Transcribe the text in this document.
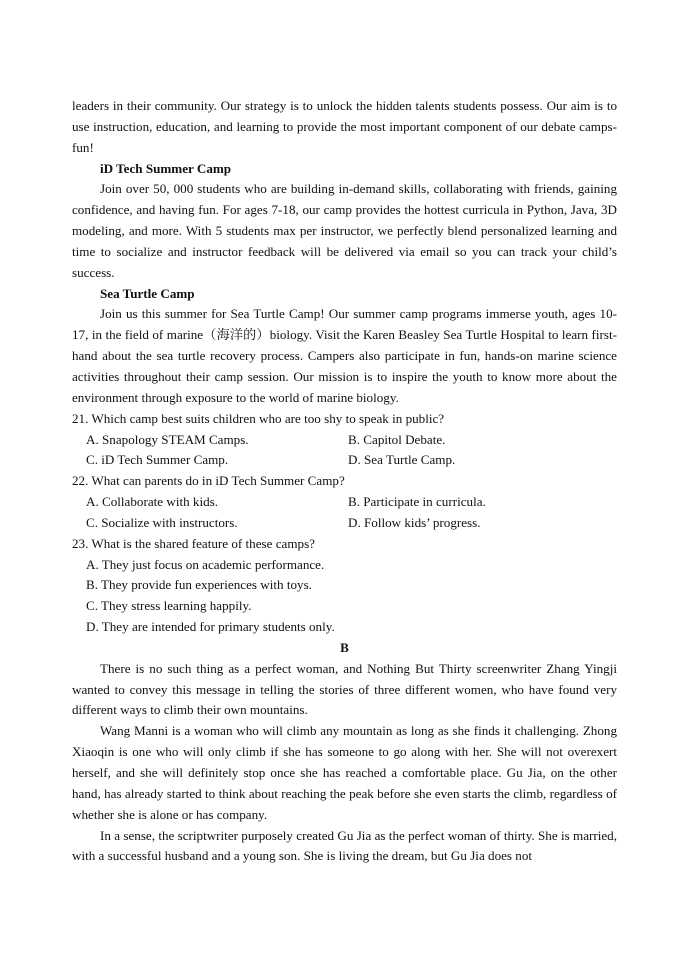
leaders in their community. Our strategy is to unlock the hidden talents students possess. Our aim is to use instruction, education, and learning to provide the most important component of our debate camps-fun!

iD Tech Summer Camp

Join over 50, 000 students who are building in-demand skills, collaborating with friends, gaining confidence, and having fun. For ages 7-18, our camp provides the hottest curricula in Python, Java, 3D modeling, and more. With 5 students max per instructor, we perfectly blend personalized learning and time to socialize and instructor feedback will be delivered via email so you can track your child’s success.

Sea Turtle Camp

Join us this summer for Sea Turtle Camp! Our summer camp programs immerse youth, ages 10-17, in the field of marine（海洋的）biology. Visit the Karen Beasley Sea Turtle Hospital to learn first-hand about the sea turtle recovery process. Campers also participate in fun, hands-on marine science activities throughout their camp session. Our mission is to inspire the youth to know more about the environment through exposure to the world of marine biology.

21. Which camp best suits children who are too shy to speak in public?

A. Snapology STEAM Camps.	B. Capitol Debate.
C. iD Tech Summer Camp.	D. Sea Turtle Camp.

22. What can parents do in iD Tech Summer Camp?

A. Collaborate with kids.	B. Participate in curricula.
C. Socialize with instructors.	D. Follow kids’ progress.

23. What is the shared feature of these camps?

A. They just focus on academic performance.

B. They provide fun experiences with toys.

C. They stress learning happily.

D. They are intended for primary students only.

B

There is no such thing as a perfect woman, and Nothing But Thirty screenwriter Zhang Yingji wanted to convey this message in telling the stories of three different women, who have found very different ways to climb their own mountains.

Wang Manni is a woman who will climb any mountain as long as she finds it challenging. Zhong Xiaoqin is one who will only climb if she has someone to go along with her. She will not overexert herself, and she will definitely stop once she has reached a comfortable place. Gu Jia, on the other hand, has already started to think about reaching the peak before she even starts the climb, regardless of whether she is alone or has company.

In a sense, the scriptwriter purposely created Gu Jia as the perfect woman of thirty. She is married, with a successful husband and a young son. She is living the dream, but Gu Jia does not
